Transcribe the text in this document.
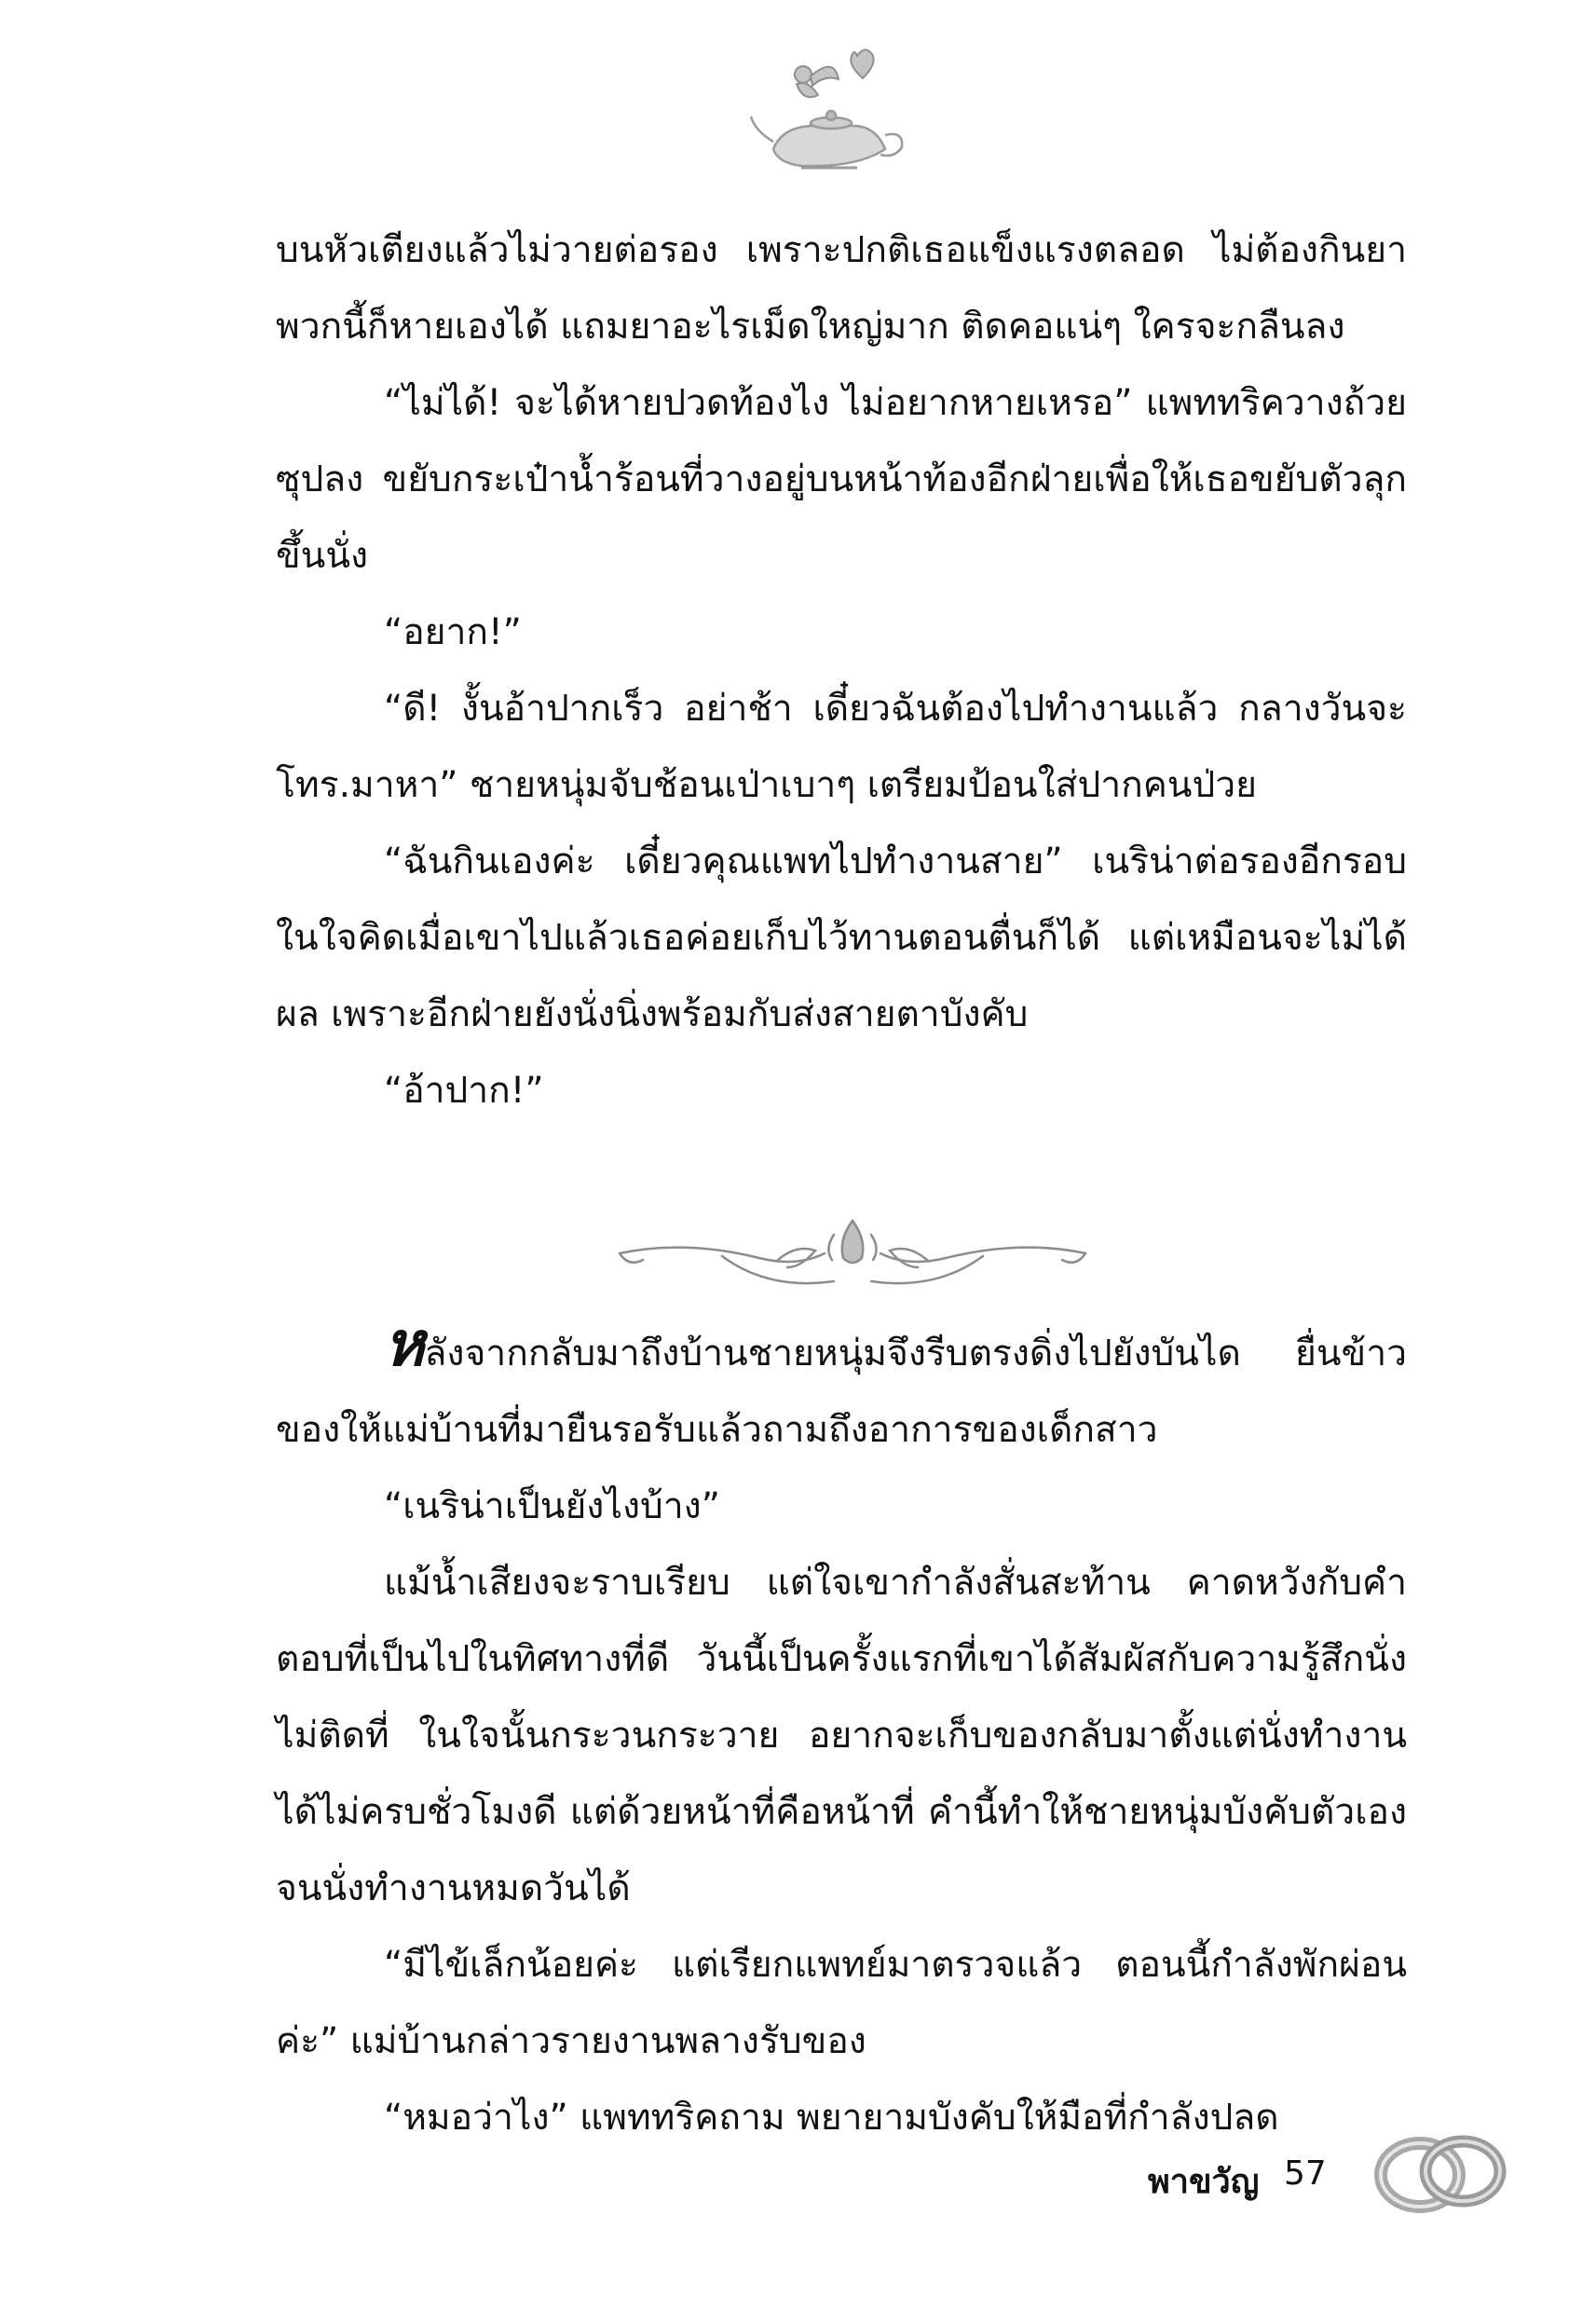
บนหัวเตียงแล้วไม่วายต่อรอง เพราะปกติเธอแข็งแรงตลอด ไม่ต้องกินยาพวกนี้ก็หายเองได้ แถมยาอะไรเม็ดใหญ่มาก ติดคอแน่ๆ ใครจะกลืนลง

“ไม่ได้! จะได้หายปวดท้องไง ไม่อยากหายเหรอ” แพททริควางถ้วยซุปลง ขยับกระเป๋าน้ำร้อนที่วางอยู่บนหน้าท้องอีกฝ่ายเพื่อให้เธอขยับตัวลุกขึ้นนั่ง

“อยาก!”

“ดี! งั้นอ้าปากเร็ว อย่าช้า เดี๋ยวฉันต้องไปทำงานแล้ว กลางวันจะโทร.มาหา” ชายหนุ่มจับช้อนเป่าเบาๆ เตรียมป้อนใส่ปากคนป่วย

“ฉันกินเองค่ะ เดี๋ยวคุณแพทไปทำงานสาย” เนริน่าต่อรองอีกรอบ ในใจคิดเมื่อเขาไปแล้วเธอค่อยเก็บไว้ทานตอนตื่นก็ได้ แต่เหมือนจะไม่ได้ผล เพราะอีกฝ่ายยังนั่งนิ่งพร้อมกับส่งสายตาบังคับ

“อ้าปาก!”

หลังจากกลับมาถึงบ้านชายหนุ่มจึงรีบตรงดิ่งไปยังบันได ยื่นข้าวของให้แม่บ้านที่มายืนรอรับแล้วถามถึงอาการของเด็กสาว

“เนริน่าเป็นยังไงบ้าง”

แม้น้ำเสียงจะราบเรียบ แต่ใจเขากำลังสั่นสะท้าน คาดหวังกับคำตอบที่เป็นไปในทิศทางที่ดี วันนี้เป็นครั้งแรกที่เขาได้สัมผัสกับความรู้สึกนั่งไม่ติดที่ ในใจนั้นกระวนกระวาย อยากจะเก็บของกลับมาตั้งแต่นั่งทำงานได้ไม่ครบชั่วโมงดี แต่ด้วยหน้าที่คือหน้าที่ คำนี้ทำให้ชายหนุ่มบังคับตัวเองจนนั่งทำงานหมดวันได้

“มีไข้เล็กน้อยค่ะ แต่เรียกแพทย์มาตรวจแล้ว ตอนนี้กำลังพักผ่อนค่ะ” แม่บ้านกล่าวรายงานพลางรับของ

“หมอว่าไง” แพททริคถาม พยายามบังคับให้มือที่กำลังปลด

พาขวัญ 57
